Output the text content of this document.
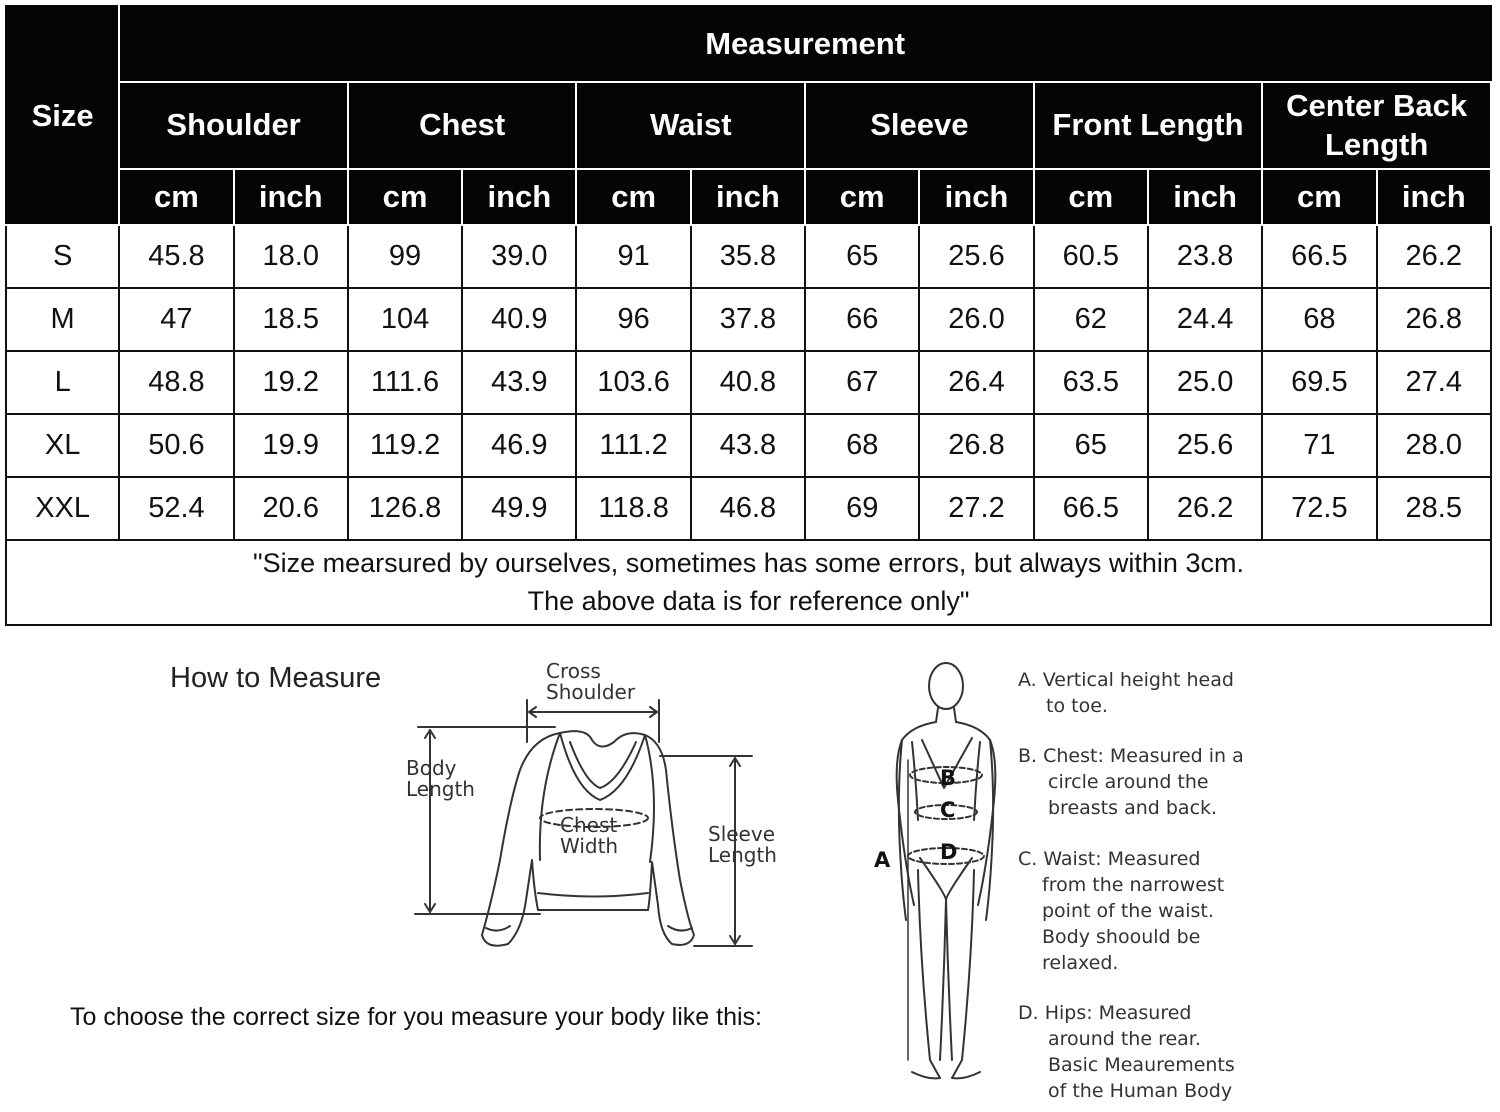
Size	Measurement											
	Shoulder		Chest		Waist		Sleeve		Front Length		Center Back Length	
	cm	inch	cm	inch	cm	inch	cm	inch	cm	inch	cm	inch
S	45.8	18.0	99	39.0	91	35.8	65	25.6	60.5	23.8	66.5	26.2
M	47	18.5	104	40.9	96	37.8	66	26.0	62	24.4	68	26.8
L	48.8	19.2	111.6	43.9	103.6	40.8	67	26.4	63.5	25.0	69.5	27.4
XL	50.6	19.9	119.2	46.9	111.2	43.8	68	26.8	65	25.6	71	28.0
XXL	52.4	20.6	126.8	49.9	118.8	46.8	69	27.2	66.5	26.2	72.5	28.5

"Size mearsured by ourselves, sometimes has some errors, but always within 3cm.
The above data is for reference only"												
How to Measure	Cross
Shoulder
Body
Length
Chest
Width	Sleeve
Length	A
B
C
D
A. Vertical height head
to toe.
B. Chest: Measured in a
circle around the
breasts and back.
C. Waist: Measured
from the narrowest
point of the waist.
Body shoould be
relaxed.
D. Hips: Measured
around the rear.
Basic Meaurements
of the Human Body
To choose the correct size for you measure your body like this:
